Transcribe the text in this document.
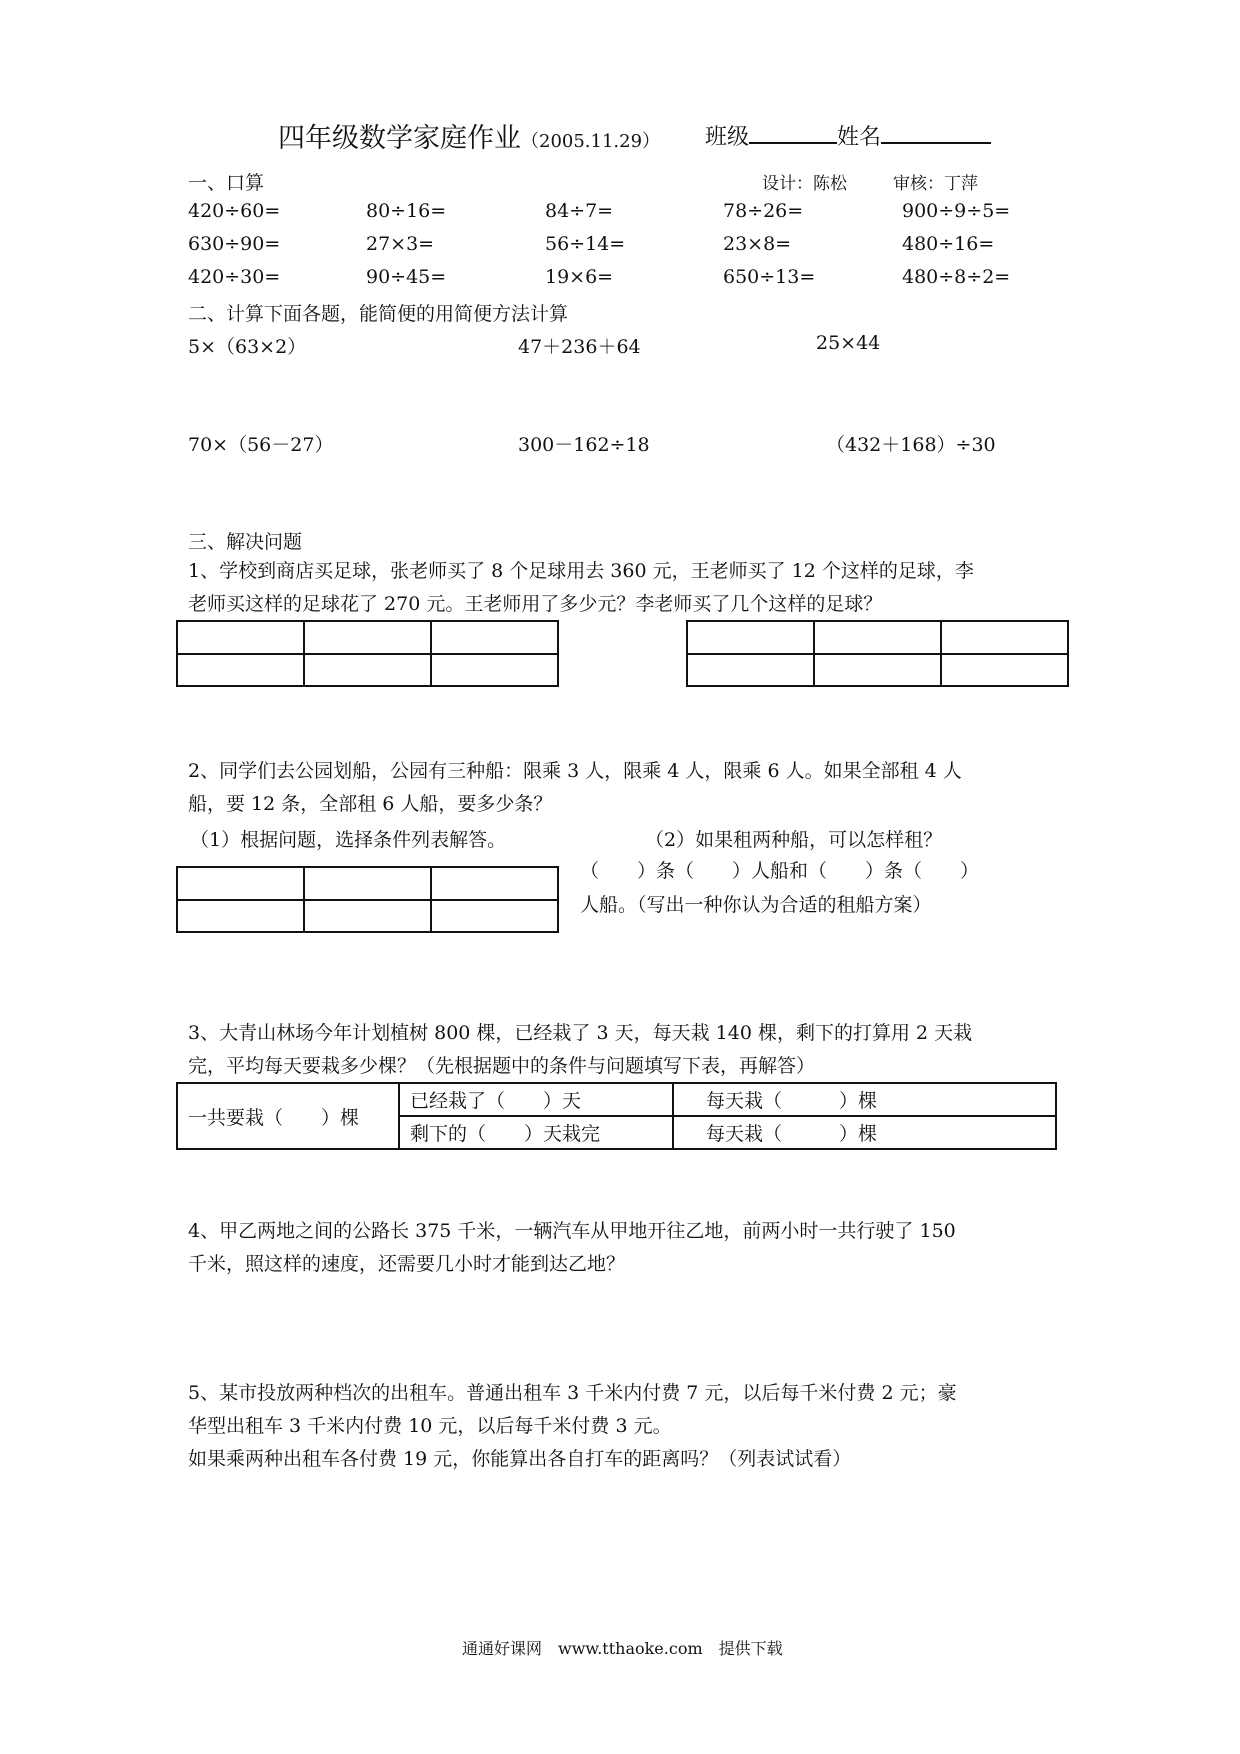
四年级数学家庭作业（2005.11.29） 班级	姓名
设计：陈松	审核：丁萍
一、口算
420÷60=	80÷16=	84÷7=	78÷26=	900÷9÷5=
630÷90=	27×3=	56÷14=	23×8=	480÷16=
420÷30=	90÷45=	19×6=	650÷13=	480÷8÷2=
二、计算下面各题，能简便的用简便方法计算
5×（63×2）	47＋236＋64	25×44
70×（56－27）	300－162÷18	（432＋168）÷30
三、解决问题
1、学校到商店买足球，张老师买了 8 个足球用去 360 元，王老师买了 12 个这样的足球，李
老师买这样的足球花了 270 元。王老师用了多少元？李老师买了几个这样的足球？

2、同学们去公园划船，公园有三种船：限乘 3 人，限乘 4 人，限乘 6 人。如果全部租 4 人
船，要 12 条，全部租 6 人船，要多少条？
（1）根据问题，选择条件列表解答。	（2）如果租两种船，可以怎样租？

（　　）条（　　）人船和（　　）条（　　）
人船。（写出一种你认为合适的租船方案）
3、大青山林场今年计划植树 800 棵，已经栽了 3 天，每天栽 140 棵，剩下的打算用 2 天栽
完，平均每天要栽多少棵？（先根据题中的条件与问题填写下表，再解答）
一共要栽（　　）棵	已经栽了（　　）天	每天栽（　　　）棵
	剩下的（　　）天栽完	每天栽（　　　）棵
4、甲乙两地之间的公路长 375 千米，一辆汽车从甲地开往乙地，前两小时一共行驶了 150
千米，照这样的速度，还需要几小时才能到达乙地？
5、某市投放两种档次的出租车。普通出租车 3 千米内付费 7 元，以后每千米付费 2 元；豪
华型出租车 3 千米内付费 10 元，以后每千米付费 3 元。
如果乘两种出租车各付费 19 元，你能算出各自打车的距离吗？（列表试试看）
通通好课网　www.tthaoke.com　提供下载
